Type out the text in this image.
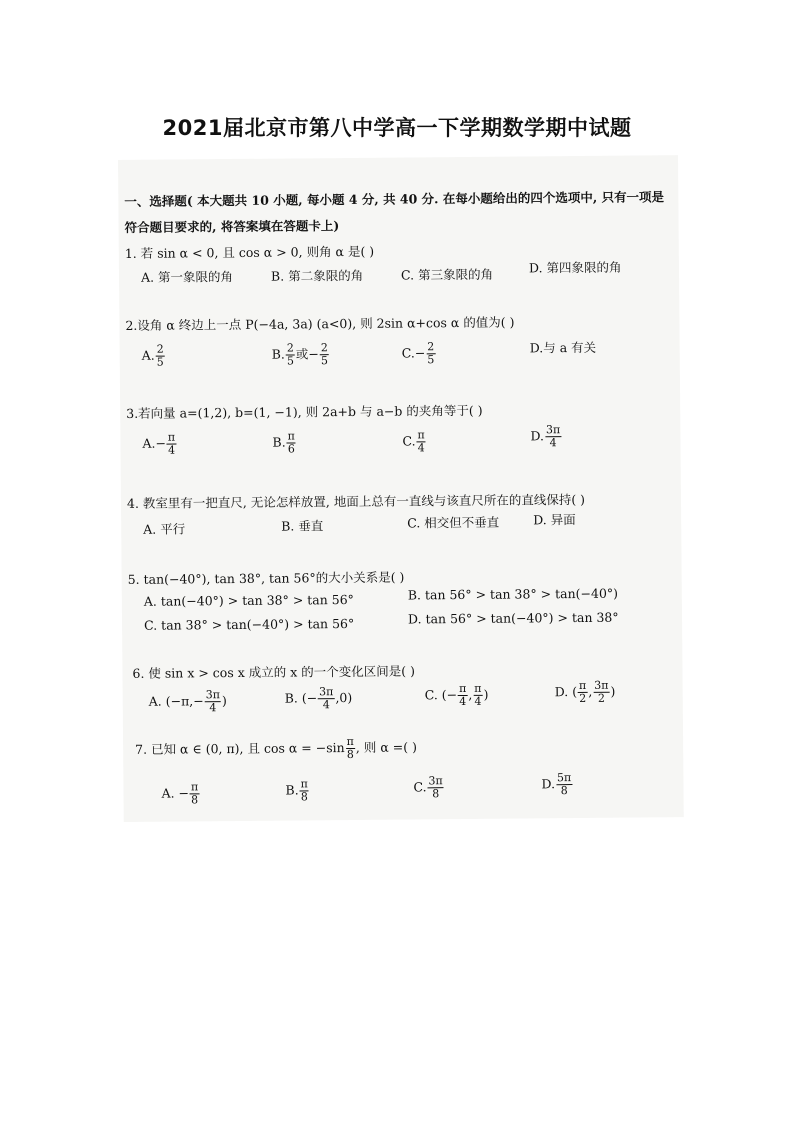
2021届北京市第八中学高一下学期数学期中试题
一、选择题( 本大题共 10 小题, 每小题 4 分, 共 40 分. 在每小题给出的四个选项中, 只有一项是
符合题目要求的, 将答案填在答题卡上)
1. 若 sin α < 0, 且 cos α > 0, 则角 α 是( )
A. 第一象限的角	B. 第二象限的角	C. 第三象限的角	D. 第四象限的角
2.设角 α 终边上一点 P(−4a, 3a) (a<0), 则 2sin α+cos α 的值为( )
A. $\frac{2}{5}$	B. $\frac{2}{5}$ 或− $\frac{2}{5}$	$C.- \frac{2}{5}$	D.与 a 有关
3.若向量 a=(1,2), b=(1, −1), 则 2a+b 与 a−b 的夹角等于( )
$A.- \frac{\pi}{4}$	B. $\frac{\pi}{6}$	C. $\frac{\pi}{4}$	D. $\frac{3\pi}{4}$
4. 教室里有一把直尺, 无论怎样放置, 地面上总有一直线与该直尺所在的直线保持( )
A. 平行	B. 垂直	C. 相交但不垂直	D. 异面
5. tan(−40°), tan 38°, tan 56°的大小关系是( )
A. tan(−40°) > tan 38° > tan 56°	B. tan 56° > tan 38° > tan(−40°)
C. tan 38° > tan(−40°) > tan 56°	D. tan 56° > tan(−40°) > tan 38°
6. 使 sin x > cos x 成立的 x 的一个变化区间是( )
A. ($-\pi,- \frac{3\pi}{4}$ )	B. (− $\frac{3\pi}{4} ,0$)	C. (− $\frac{\pi}{4}$ , $\frac{\pi}{4}$ )	D. ( $\frac{\pi}{2}$ , $\frac{3\pi}{2}$ )
7. 已知 α ∈ (0, π), 且 $\cos \alpha = -\sin \frac{\pi}{8}$ , 则 α =( )
A. − $\frac{\pi}{8}$	B. $\frac{\pi}{8}$	C. $\frac{3\pi}{8}$	D. $\frac{5\pi}{8}$
